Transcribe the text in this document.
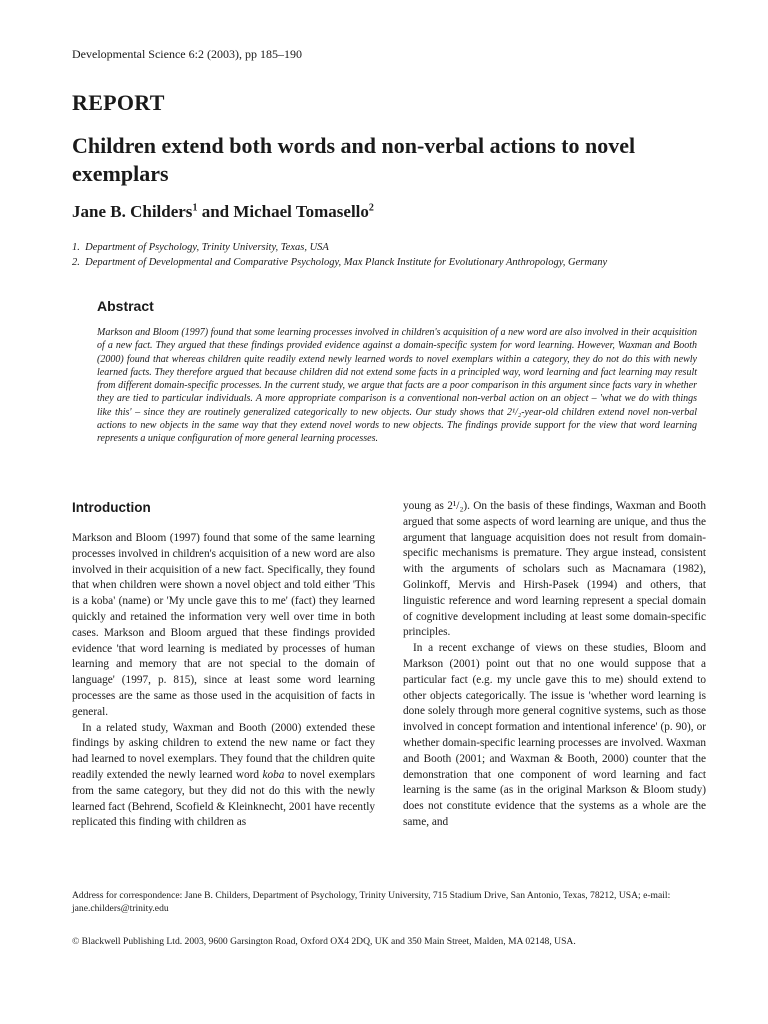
Developmental Science 6:2 (2003), pp 185–190
REPORT
Children extend both words and non-verbal actions to novel exemplars
Jane B. Childers$^1$ and Michael Tomasello$^2$
1.  Department of Psychology, Trinity University, Texas, USA
2.  Department of Developmental and Comparative Psychology, Max Planck Institute for Evolutionary Anthropology, Germany
Abstract
Markson and Bloom (1997) found that some learning processes involved in children's acquisition of a new word are also involved in their acquisition of a new fact. They argued that these findings provided evidence against a domain-specific system for word learning. However, Waxman and Booth (2000) found that whereas children quite readily extend newly learned words to novel exemplars within a category, they do not do this with newly learned facts. They therefore argued that because children did not extend some facts in a principled way, word learning and fact learning may result from different domain-specific processes. In the current study, we argue that facts are a poor comparison in this argument since facts vary in whether they are tied to particular individuals. A more appropriate comparison is a conventional non-verbal action on an object – 'what we do with things like this' – since they are routinely generalized categorically to new objects. Our study shows that 2¹/₂-year-old children extend novel non-verbal actions to new objects in the same way that they extend novel words to new objects. The findings provide support for the view that word learning represents a unique configuration of more general learning processes.
Introduction

Markson and Bloom (1997) found that some of the same learning processes involved in children's acquisition of a new word are also involved in their acquisition of a new fact. Specifically, they found that when children were shown a novel object and told either 'This is a koba' (name) or 'My uncle gave this to me' (fact) they learned quickly and retained the information very well over time in both cases. Markson and Bloom argued that these findings provided evidence 'that word learning is mediated by processes of human learning and memory that are not special to the domain of language' (1997, p. 815), since at least some word learning processes are the same as those used in the acquisition of facts in general.

In a related study, Waxman and Booth (2000) extended these findings by asking children to extend the new name or fact they had learned to novel exemplars. They found that the children quite readily extended the newly learned word koba to novel exemplars from the same category, but they did not do this with the newly learned fact (Behrend, Scofield & Kleinknecht, 2001 have recently replicated this finding with children as

young as 2¹/₂). On the basis of these findings, Waxman and Booth argued that some aspects of word learning are unique, and thus the argument that language acquisition does not result from domain-specific mechanisms is premature. They argue instead, consistent with the arguments of scholars such as Macnamara (1982), Golinkoff, Mervis and Hirsh-Pasek (1994) and others, that linguistic reference and word learning represent a special domain of cognitive development including at least some domain-specific principles.

In a recent exchange of views on these studies, Bloom and Markson (2001) point out that no one would suppose that a particular fact (e.g. my uncle gave this to me) should extend to other objects categorically. The issue is 'whether word learning is done solely through more general cognitive systems, such as those involved in concept formation and intentional inference' (p. 90), or whether domain-specific learning processes are involved. Waxman and Booth (2001; and Waxman & Booth, 2000) counter that the demonstration that one component of word learning and fact learning is the same (as in the original Markson & Bloom study) does not constitute evidence that the systems as a whole are the same, and

Address for correspondence: Jane B. Childers, Department of Psychology, Trinity University, 715 Stadium Drive, San Antonio, Texas, 78212, USA; e-mail: jane.childers@trinity.edu
© Blackwell Publishing Ltd. 2003, 9600 Garsington Road, Oxford OX4 2DQ, UK and 350 Main Street, Malden, MA 02148, USA.
